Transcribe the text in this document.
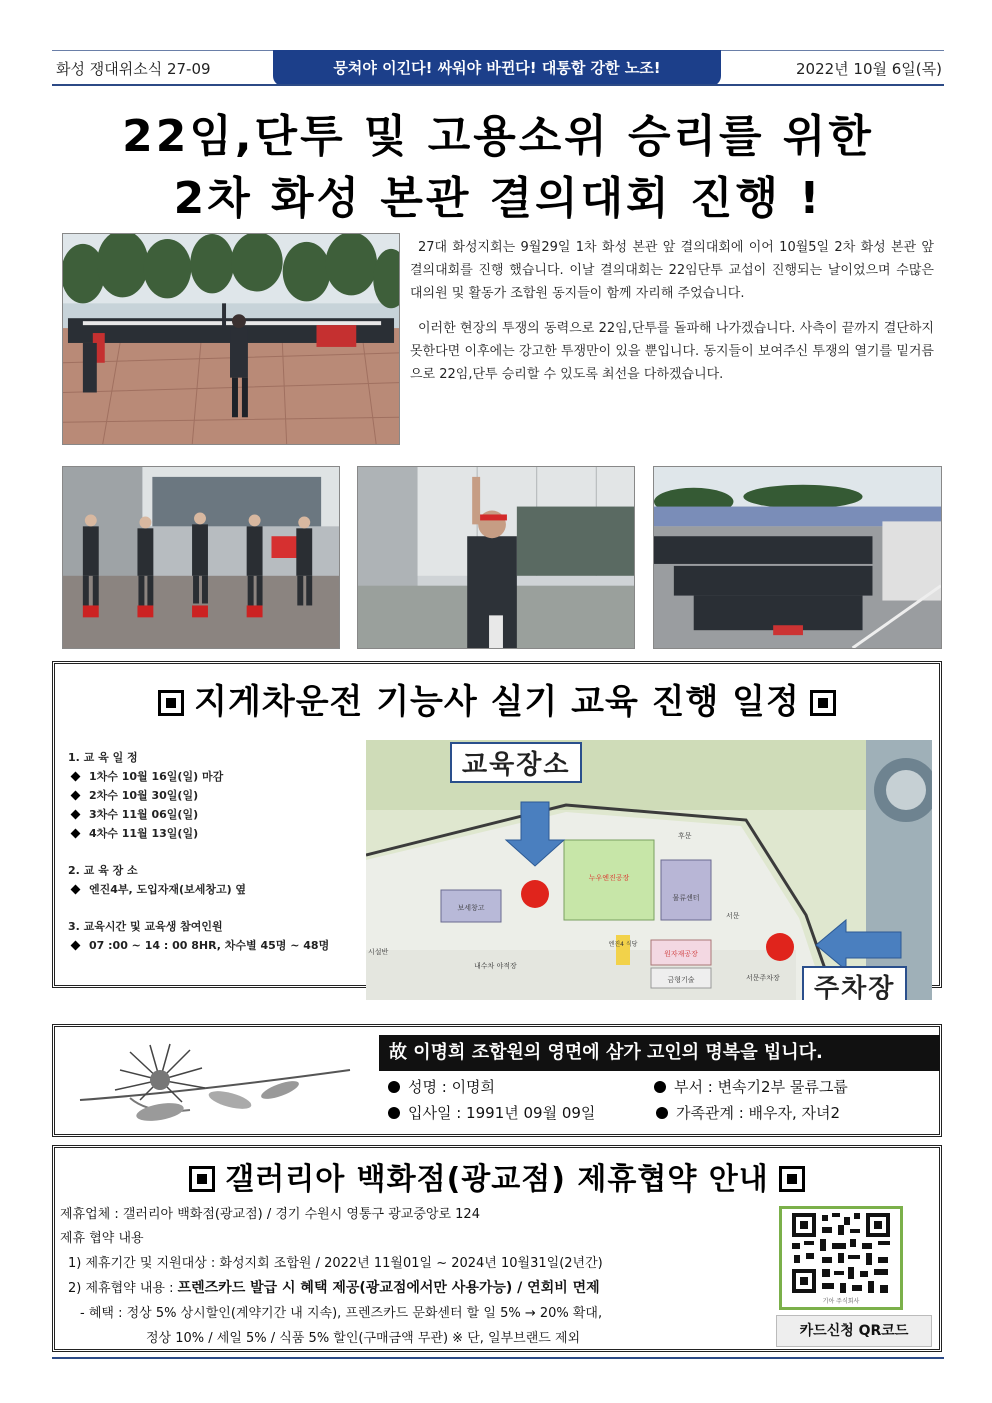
화성 쟁대위소식 27-09	뭉쳐야 이긴다! 싸워야 바뀐다! 대통합 강한 노조!	2022년 10월 6일(목)
22임,단투 및 고용소위 승리를 위한
2차 화성 본관 결의대회 진행 !

27대 화성지회는 9월29일 1차 화성 본관 앞 결의대회에 이어 10월5일 2차 화성 본관 앞 결의대회를 진행 했습니다. 이날 결의대회는 22임단투 교섭이 진행되는 날이었으며 수많은 대의원 및 활동가 조합원 동지들이 함께 자리해 주었습니다.

이러한 현장의 투쟁의 동력으로 22임,단투를 돌파해 나가겠습니다. 사측이 끝까지 결단하지 못한다면 이후에는 강고한 투쟁만이 있을 뿐입니다. 동지들이 보여주신 투쟁의 열기를 밑거름으로 22임,단투 승리할 수 있도록 최선을 다하겠습니다.

지게차운전 기능사 실기 교육 진행 일정
1. 교 육 일 정
1차수 10월 16일(일) 마감
2차수 10월 30일(일)
3차수 11월 06일(일)
4차수 11월 13일(일)
2. 교 육 장 소
엔진4부, 도입자재(보세창고) 옆
3. 교육시간 및 교육생 참여인원
07 :00 ~ 14 : 00 8HR, 차수별 45명 ~ 48명
보세창고
누우엔진공장
물류센터
엔진4 식당
원자재공장
금형기술
서문
후문
서문주차장
내수차 야적장
시설반
교육장소
주차장
故 이명희 조합원의 영면에 삼가 고인의 명복을 빕니다.
성명 : 이명희	부서 : 변속기2부 물류그룹
입사일 : 1991년 09월 09일	가족관계 : 배우자, 자녀2
갤러리아 백화점(광교점) 제휴협약 안내
제휴업체 : 갤러리아 백화점(광교점) / 경기 수원시 영통구 광교중앙로 124
제휴 협약 내용
1) 제휴기간 및 지원대상 : 화성지회 조합원 / 2022년 11월01일 ~ 2024년 10월31일(2년간)
2) 제휴협약 내용 : 프렌즈카드 발급 시 혜택 제공(광교점에서만 사용가능) / 연회비 면제
- 혜택 : 정상 5% 상시할인(계약기간 내 지속), 프렌즈카드 문화센터 할 일 5% → 20% 확대,
정상 10% / 세일 5% / 식품 5% 할인(구매금액 무관) ※ 단, 일부브랜드 제외
기아 주식회사
카드신청 QR코드
